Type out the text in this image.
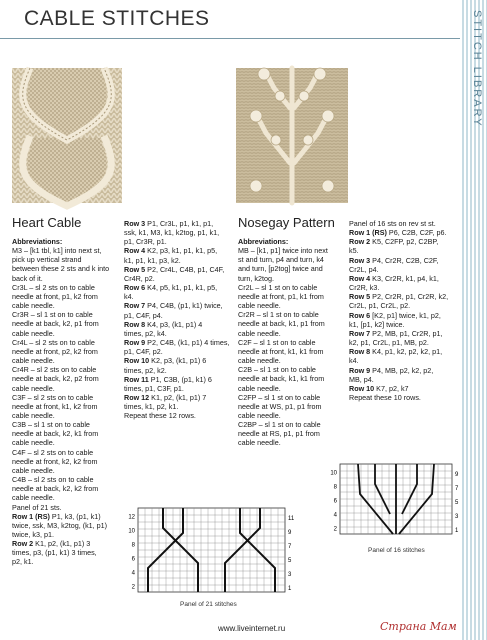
CABLE STITCHES	STITCH LIBRARY
Heart Cable	Nosegay Pattern

Abbreviations:

M3 – [k1 tbl, k1] into next st,

pick up vertical strand

between these 2 sts and k into

back of it.

Cr3L – sl 2 sts on to cable

needle at front, p1, k2 from

cable needle.

Cr3R – sl 1 st on to cable

needle at back, k2, p1 from

cable needle.

Cr4L – sl 2 sts on to cable

needle at front, p2, k2 from

cable needle.

Cr4R – sl 2 sts on to cable

needle at back, k2, p2 from

cable needle.

C3F – sl 2 sts on to cable

needle at front, k1, k2 from

cable needle.

C3B – sl 1 st on to cable

needle at back, k2, k1 from

cable needle.

C4F – sl 2 sts on to cable

needle at front, k2, k2 from

cable needle.

C4B – sl 2 sts on to cable

needle at back, k2, k2 from

cable needle.

Panel of 21 sts.

Row 1 (RS) P1, k3, (p1, k1)

twice, ssk, M3, k2tog, (k1, p1)

twice, k3, p1.

Row 2 K1, p2, (k1, p1) 3

times, p3, (p1, k1) 3 times,

p2, k1.

Row 3 P1, Cr3L, p1, k1, p1,

ssk, k1, M3, k1, k2tog, p1, k1,

p1, Cr3R, p1.

Row 4 K2, p3, k1, p1, k1, p5,

k1, p1, k1, p3, k2.

Row 5 P2, Cr4L, C4B, p1, C4F,

Cr4R, p2.

Row 6 K4, p5, k1, p1, k1, p5,

k4.

Row 7 P4, C4B, (p1, k1) twice,

p1, C4F, p4.

Row 8 K4, p3, (k1, p1) 4

times, p2, k4.

Row 9 P2, C4B, (k1, p1) 4 times,

p1, C4F, p2.

Row 10 K2, p3, (k1, p1) 6

times, p2, k2.

Row 11 P1, C3B, (p1, k1) 6

times, p1, C3F, p1.

Row 12 K1, p2, (k1, p1) 7

times, k1, p2, k1.

Repeat these 12 rows.

Abbreviations:

MB – [k1, p1] twice into next

st and turn, p4 and turn, k4

and turn, [p2tog] twice and

turn, k2tog.

Cr2L – sl 1 st on to cable

needle at front, p1, k1 from

cable needle.

Cr2R – sl 1 st on to cable

needle at back, k1, p1 from

cable needle.

C2F – sl 1 st on to cable

needle at front, k1, k1 from

cable needle.

C2B – sl 1 st on to cable

needle at back, k1, k1 from

cable needle.

C2FP – sl 1 st on to cable

needle at WS, p1, p1 from

cable needle.

C2BP – sl 1 st on to cable

needle at RS, p1, p1 from

cable needle.

Panel of 16 sts on rev st st.

Row 1 (RS) P6, C2B, C2F, p6.

Row 2 K5, C2FP, p2, C2BP,

k5.

Row 3 P4, Cr2R, C2B, C2F,

Cr2L, p4.

Row 4 K3, Cr2R, k1, p4, k1,

Cr2R, k3.

Row 5 P2, Cr2R, p1, Cr2R, k2,

Cr2L, p1, Cr2L, p2.

Row 6 [K2, p1] twice, k1, p2,

k1, [p1, k2] twice.

Row 7 P2, MB, p1, Cr2R, p1,

k2, p1, Cr2L, p1, MB, p2.

Row 8 K4, p1, k2, p2, k2, p1,

k4.

Row 9 P4, MB, p2, k2, p2,

MB, p4.

Row 10 K7, p2, k7

Repeat these 10 rows.

2
4
6
8
10
12
1
3
5
7
9
11
Panel of 21 stitches
2
4
6
8
10
1
3
5
7
9
Panel of 16 stitches
www.liveinternet.ru	Страна Мам
